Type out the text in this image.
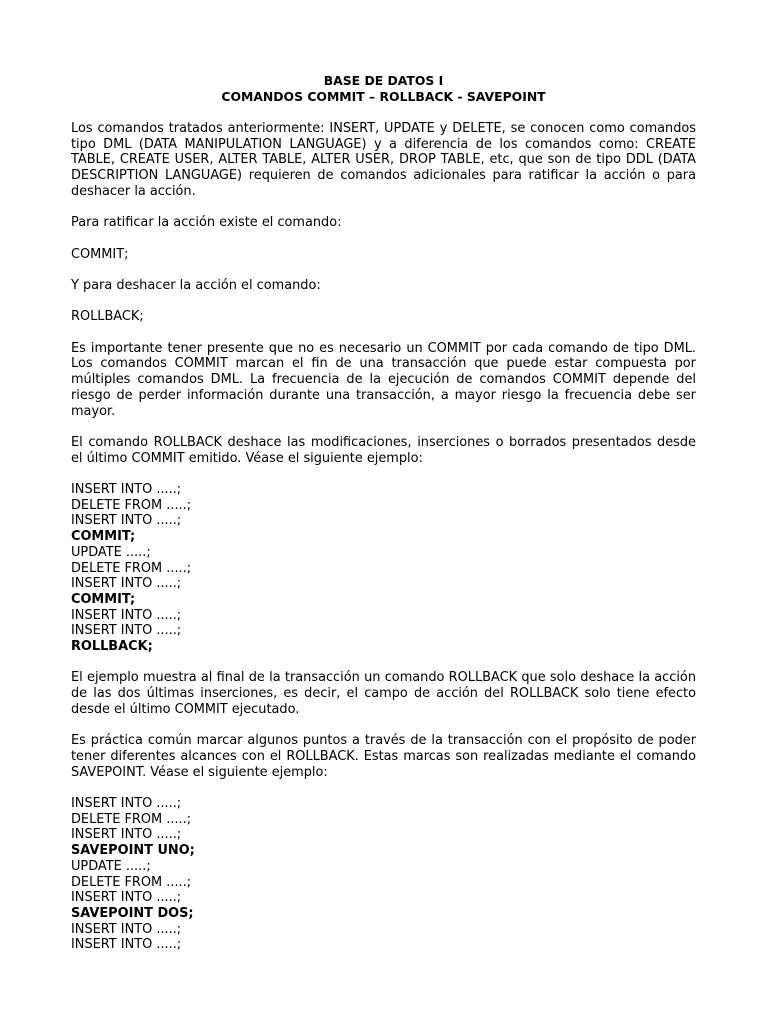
BASE DE DATOS I

COMANDOS COMMIT – ROLLBACK - SAVEPOINT

Los comandos tratados anteriormente: INSERT, UPDATE y DELETE, se conocen como comandos tipo DML (DATA MANIPULATION LANGUAGE) y a diferencia de los comandos como: CREATE TABLE, CREATE USER, ALTER TABLE, ALTER USER, DROP TABLE, etc, que son de tipo DDL (DATA DESCRIPTION LANGUAGE) requieren de comandos adicionales para ratificar la acción o para deshacer la acción.

Para ratificar la acción existe el comando:

COMMIT;

Y para deshacer la acción el comando:

ROLLBACK;

Es importante tener presente que no es necesario un COMMIT por cada comando de tipo DML. Los comandos COMMIT marcan el fin de una transacción que puede estar compuesta por múltiples comandos DML. La frecuencia de la ejecución de comandos COMMIT depende del riesgo de perder información durante una transacción, a mayor riesgo la frecuencia debe ser mayor.

El comando ROLLBACK deshace las modificaciones, inserciones o borrados presentados desde el último COMMIT emitido. Véase el siguiente ejemplo:

INSERT INTO .....;
DELETE FROM .....;
INSERT INTO .....;
COMMIT;
UPDATE .....;
DELETE FROM .....;
INSERT INTO .....;
COMMIT;
INSERT INTO .....;
INSERT INTO .....;
ROLLBACK;

El ejemplo muestra al final de la transacción un comando ROLLBACK que solo deshace la acción de las dos últimas inserciones, es decir, el campo de acción del ROLLBACK solo tiene efecto desde el último COMMIT ejecutado.

Es práctica común marcar algunos puntos a través de la transacción con el propósito de poder tener diferentes alcances con el ROLLBACK. Estas marcas son realizadas mediante el comando SAVEPOINT. Véase el siguiente ejemplo:

INSERT INTO .....;
DELETE FROM .....;
INSERT INTO .....;
SAVEPOINT UNO;
UPDATE .....;
DELETE FROM .....;
INSERT INTO .....;
SAVEPOINT DOS;
INSERT INTO .....;
INSERT INTO .....;
